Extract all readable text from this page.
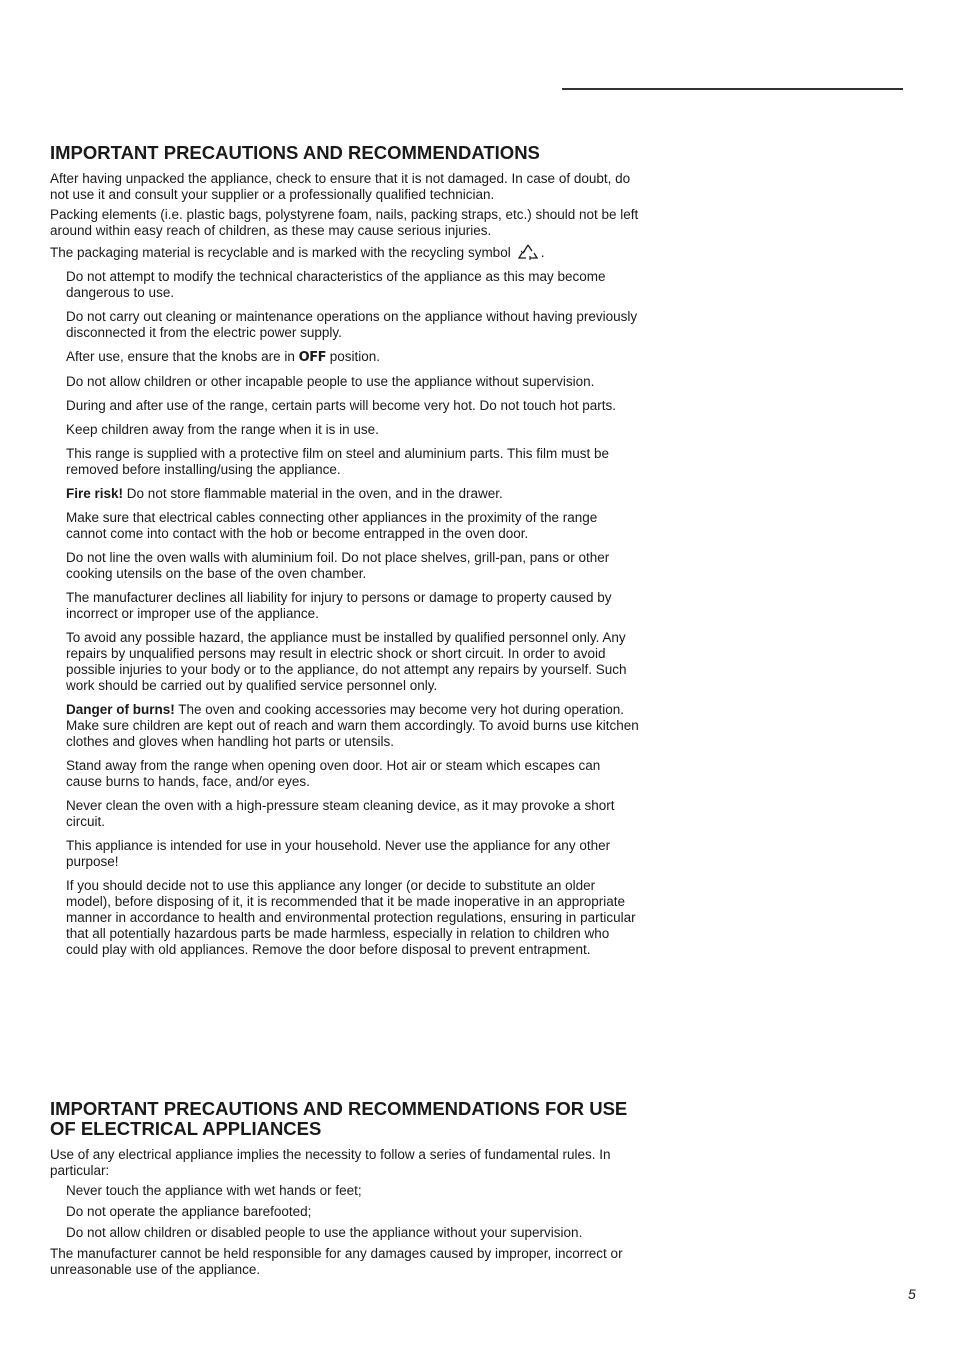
IMPORTANT PRECAUTIONS AND RECOMMENDATIONS

After having unpacked the appliance, check to ensure that it is not damaged. In case of doubt, do not use it and consult your supplier or a professionally qualified technician.

Packing elements (i.e. plastic bags, polystyrene foam, nails, packing straps, etc.) should not be left around within easy reach of children, as these may cause serious injuries.

The packaging material is recyclable and is marked with the recycling symbol .

Do not attempt to modify the technical characteristics of the appliance as this may become dangerous to use.

Do not carry out cleaning or maintenance operations on the appliance without having previously disconnected it from the electric power supply.

After use, ensure that the knobs are in OFF position.

Do not allow children or other incapable people to use the appliance without supervision.

During and after use of the range, certain parts will become very hot. Do not touch hot parts.

Keep children away from the range when it is in use.

This range is supplied with a protective film on steel and aluminium parts. This film must be removed before installing/using the appliance.

Fire risk! Do not store flammable material in the oven, and in the drawer.

Make sure that electrical cables connecting other appliances in the proximity of the range cannot come into contact with the hob or become entrapped in the oven door.

Do not line the oven walls with aluminium foil. Do not place shelves, grill-pan, pans or other cooking utensils on the base of the oven chamber.

The manufacturer declines all liability for injury to persons or damage to property caused by incorrect or improper use of the appliance.

To avoid any possible hazard, the appliance must be installed by qualified personnel only. Any repairs by unqualified persons may result in electric shock or short circuit. In order to avoid possible injuries to your body or to the appliance, do not attempt any repairs by yourself. Such work should be carried out by qualified service personnel only.

Danger of burns! The oven and cooking accessories may become very hot during operation. Make sure children are kept out of reach and warn them accordingly. To avoid burns use kitchen clothes and gloves when handling hot parts or utensils.

Stand away from the range when opening oven door. Hot air or steam which escapes can cause burns to hands, face, and/or eyes.

Never clean the oven with a high-pressure steam cleaning device, as it may provoke a short circuit.

This appliance is intended for use in your household. Never use the appliance for any other purpose!

If you should decide not to use this appliance any longer (or decide to substitute an older model), before disposing of it, it is recommended that it be made inoperative in an appropriate manner in accordance to health and environmental protection regulations, ensuring in particular that all potentially hazardous parts be made harmless, especially in relation to children who could play with old appliances. Remove the door before disposal to prevent entrapment.

IMPORTANT PRECAUTIONS AND RECOMMENDATIONS FOR USE OF ELECTRICAL APPLIANCES

Use of any electrical appliance implies the necessity to follow a series of fundamental rules. In particular:

Never touch the appliance with wet hands or feet;

Do not operate the appliance barefooted;

Do not allow children or disabled people to use the appliance without your supervision.

The manufacturer cannot be held responsible for any damages caused by improper, incorrect or unreasonable use of the appliance.

5
